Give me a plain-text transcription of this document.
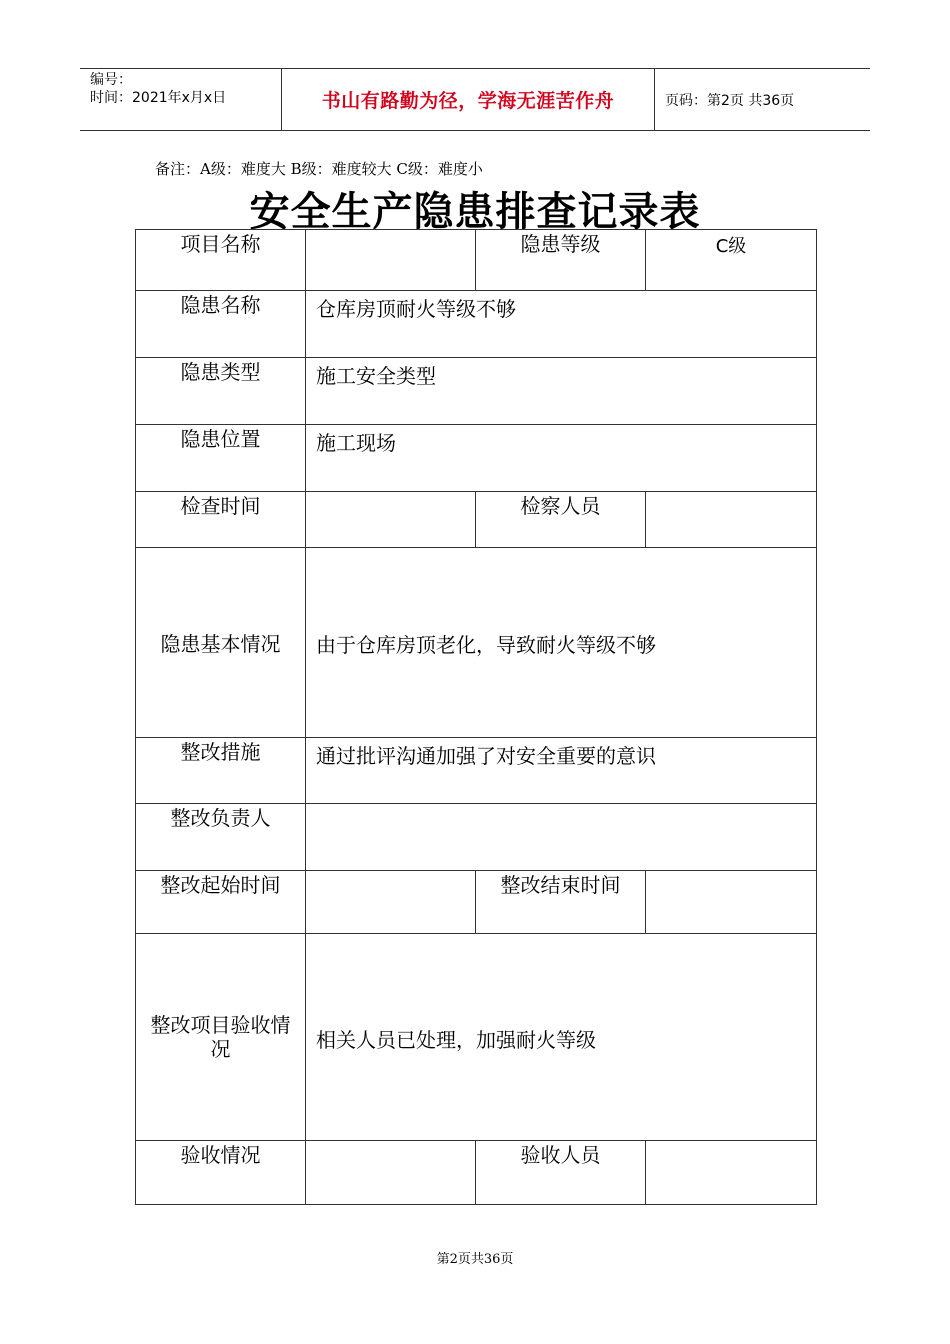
编号：
时间：2021年x月x日	书山有路勤为径，学海无涯苦作舟	页码：第2页 共36页
备注：A级：难度大 B级：难度较大 C级：难度小
安全生产隐患排查记录表
项目名称		隐患等级	C级
隐患名称	仓库房顶耐火等级不够		
隐患类型	施工安全类型		
隐患位置	施工现场		
检查时间		检察人员	
隐患基本情况	由于仓库房顶老化，导致耐火等级不够		
整改措施	通过批评沟通加强了对安全重要的意识		
整改负责人			
整改起始时间		整改结束时间	
整改项目验收情况	相关人员已处理，加强耐火等级		
验收情况		验收人员	
第2页共36页
